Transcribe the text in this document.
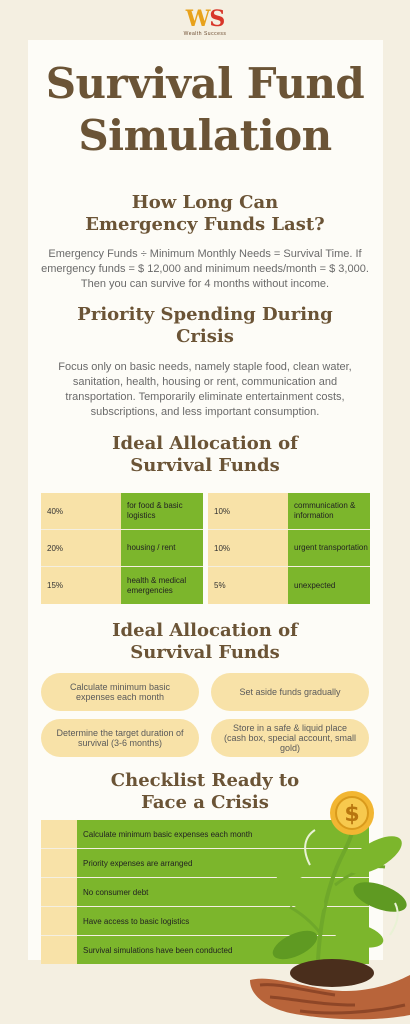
WS
Wealth Success
Survival Fund
Simulation
How Long Can
Emergency Funds Last?
Emergency Funds ÷ Minimum Monthly Needs = Survival Time. If emergency funds = $ 12,000 and minimum needs/month = $ 3,000. Then you can survive for 4 months without income.
Priority Spending During
Crisis
Focus only on basic needs, namely staple food, clean water, sanitation, health, housing or rent, communication and transportation. Temporarily eliminate entertainment costs, subscriptions, and less important consumption.
Ideal Allocation of
Survival Funds
40%
for food & basic logistics
20%	housing / rent
15%
health & medical emergencies
10%
communication & information
10%	urgent transportation
5%	unexpected
Ideal Allocation of
Survival Funds
Calculate minimum basic expenses each month	Set aside funds gradually
Determine the target duration of survival (3-6 months)
Store in a safe & liquid place (cash box, special account, small gold)
Checklist Ready to
Face a Crisis
Calculate minimum basic expenses each month
Priority expenses are arranged
No consumer debt
Have access to basic logistics
Survival simulations have been conducted
$
